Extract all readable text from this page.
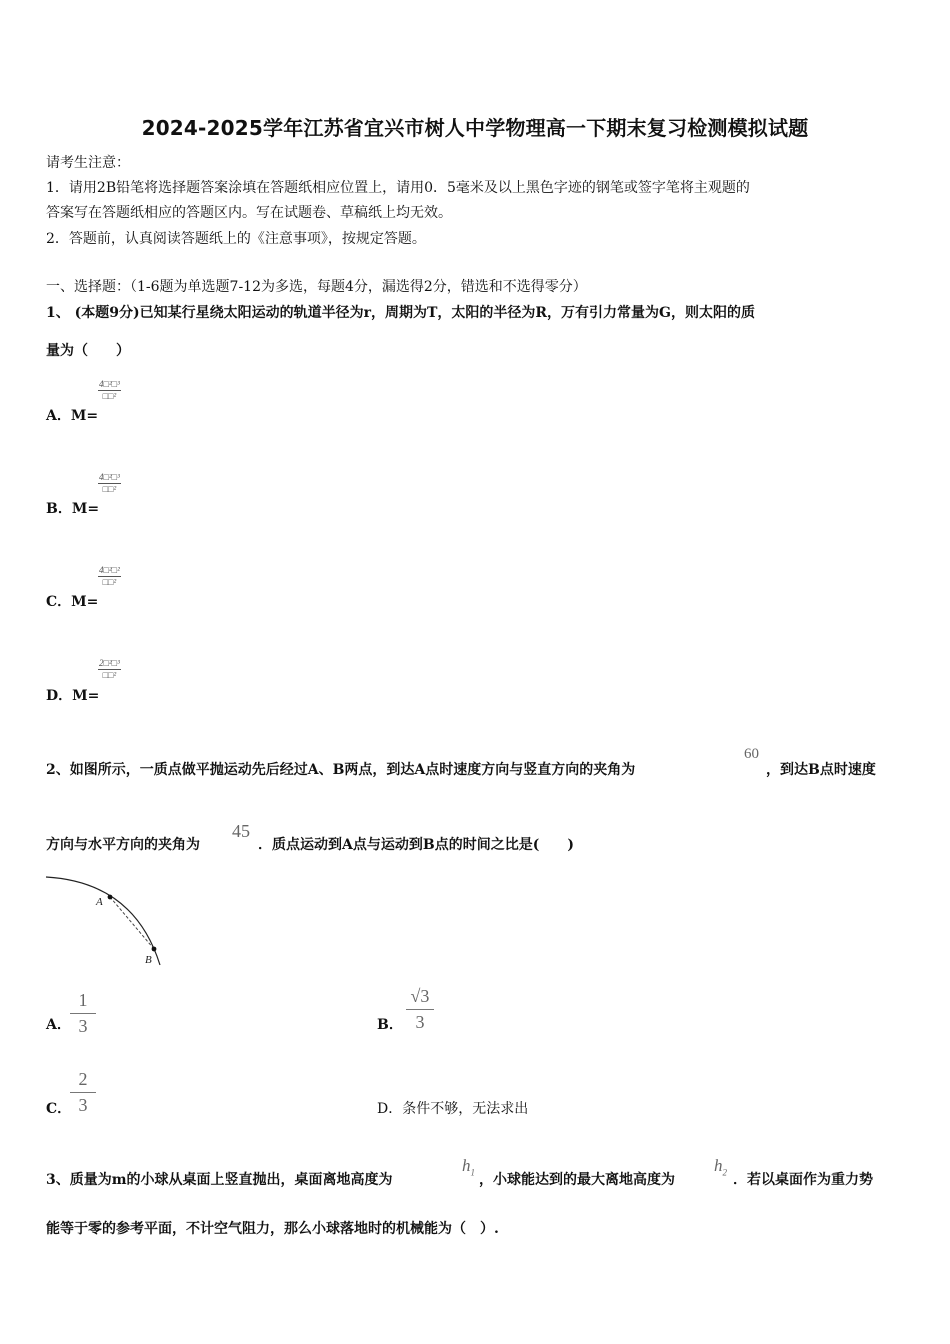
2024-2025学年江苏省宜兴市树人中学物理高一下期末复习检测模拟试题
请考生注意：
1．请用2B铅笔将选择题答案涂填在答题纸相应位置上，请用0．5毫米及以上黑色字迹的钢笔或签字笔将主观题的
答案写在答题纸相应的答题区内。写在试题卷、草稿纸上均无效。
2．答题前，认真阅读答题纸上的《注意事项》，按规定答题。
一、选择题：（1-6题为单选题7-12为多选，每题4分，漏选得2分，错选和不选得零分）
1、 (本题9分)已知某行星绕太阳运动的轨道半径为r，周期为T，太阳的半径为R，万有引力常量为G，则太阳的质
量为（　　）
A．M=
4□²□³
□□²
B．M=
4□²□³
□□²
C．M=
4□²□²
□□²
D．M=
2□²□³
□□²
2、如图所示，一质点做平抛运动先后经过A、B两点，到达A点时速度方向与竖直方向的夹角为
60
，到达B点时速度
方向与水平方向的夹角为
45
．质点运动到A点与运动到B点的时间之比是(　　)
A
B
A．
1
3	B．
√3
3
C．
2
3	D．条件不够，无法求出
3、质量为m的小球从桌面上竖直抛出，桌面离地高度为
$h_1$ ，小球能达到的最大离地高度为
$h_2$ ．若以桌面作为重力势
能等于零的参考平面，不计空气阻力，那么小球落地时的机械能为（　）.
